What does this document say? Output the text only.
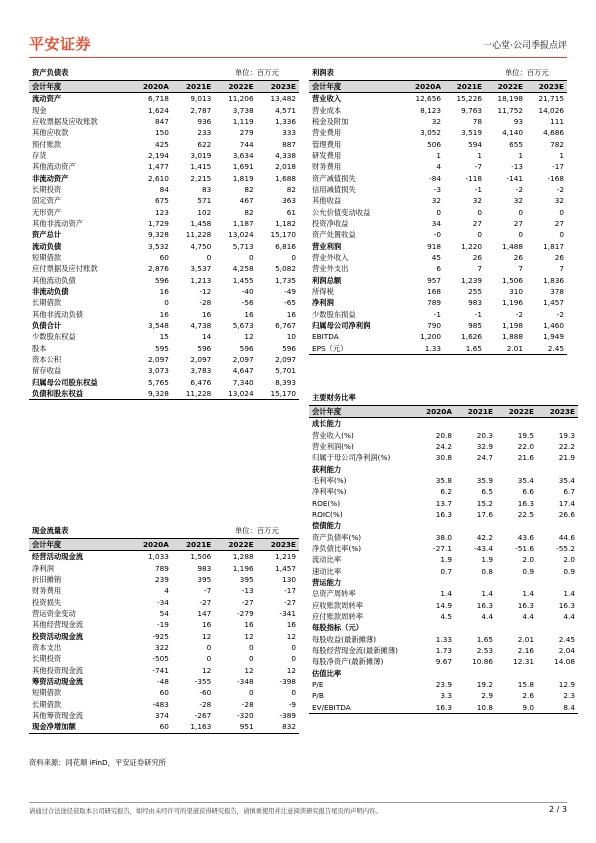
平安证券	一心堂·公司季报点评
资产负债表	单位：百万元
会计年度	2020A	2021E	2022E	2023E
流动资产	6,718	9,013	11,206	13,482
现金	1,624	2,787	3,738	4,571
应收票据及应收账款	847	936	1,119	1,336
其他应收款	150	233	279	333
预付账款	425	622	744	887
存货	2,194	3,019	3,634	4,338
其他流动资产	1,477	1,415	1,691	2,018
非流动资产	2,610	2,215	1,819	1,688
长期投资	84	83	82	82
固定资产	675	571	467	363
无形资产	123	102	82	61
其他非流动资产	1,729	1,458	1,187	1,182
资产总计	9,328	11,228	13,024	15,170
流动负债	3,532	4,750	5,713	6,816
短期借款	60	0	0	0
应付票据及应付账款	2,876	3,537	4,258	5,082
其他流动负债	596	1,213	1,455	1,735
非流动负债	16	-12	-40	-49
长期借款	0	-28	-56	-65
其他非流动负债	16	16	16	16
负债合计	3,548	4,738	5,673	6,767
少数股东权益	15	14	12	10
股本	595	596	596	596
资本公积	2,097	2,097	2,097	2,097
留存收益	3,073	3,783	4,647	5,701
归属母公司股东权益	5,765	6,476	7,340	8,393
负债和股东权益	9,328	11,228	13,024	15,170
现金流量表	单位：百万元
会计年度	2020A	2021E	2022E	2023E
经营活动现金流	1,033	1,506	1,288	1,219
净利润	789	983	1,196	1,457
折旧摊销	239	395	395	130
财务费用	4	-7	-13	-17
投资损失	-34	-27	-27	-27
营运资金变动	54	147	-279	-341
其他经营现金流	-19	16	16	16
投资活动现金流	-925	12	12	12
资本支出	322	0	0	0
长期投资	-505	0	0	0
其他投资现金流	-741	12	12	12
筹资活动现金流	-48	-355	-348	-398
短期借款	60	-60	0	0
长期借款	-483	-28	-28	-9
其他筹资现金流	374	-267	-320	-389
现金净增加额	60	1,163	951	832
利润表	单位：百万元
会计年度	2020A	2021E	2022E	2023E
营业收入	12,656	15,226	18,198	21,715
营业成本	8,123	9,763	11,752	14,026
税金及附加	32	78	93	111
营业费用	3,052	3,519	4,140	4,686
管理费用	506	594	655	782
研发费用	1	1	1	1
财务费用	4	-7	-13	-17
资产减值损失	-84	-118	-141	-168
信用减值损失	-3	-1	-2	-2
其他收益	32	32	32	32
公允价值变动收益	0	0	0	0
投资净收益	34	27	27	27
资产处置收益	-0	0	0	0
营业利润	918	1,220	1,488	1,817
营业外收入	45	26	26	26
营业外支出	6	7	7	7
利润总额	957	1,239	1,506	1,836
所得税	168	255	310	378
净利润	789	983	1,196	1,457
少数股东损益	-1	-1	-2	-2
归属母公司净利润	790	985	1,198	1,460
EBITDA	1,200	1,626	1,888	1,949
EPS（元）	1.33	1.65	2.01	2.45
主要财务比率
会计年度	2020A	2021E	2022E	2023E
成长能力				
营业收入(%)	20.8	20.3	19.5	19.3
营业利润(%)	24.2	32.9	22.0	22.2
归属于母公司净利润(%)	30.8	24.7	21.6	21.9
获利能力				
毛利率(%)	35.8	35.9	35.4	35.4
净利率(%)	6.2	6.5	6.6	6.7
ROE(%)	13.7	15.2	16.3	17.4
ROIC(%)	16.3	17.6	22.5	26.6
偿债能力				
资产负债率(%)	38.0	42.2	43.6	44.6
净负债比率(%)	-27.1	-43.4	-51.6	-55.2
流动比率	1.9	1.9	2.0	2.0
速动比率	0.7	0.8	0.9	0.9
营运能力				
总资产周转率	1.4	1.4	1.4	1.4
应收账款周转率	14.9	16.3	16.3	16.3
应付账款周转率	4.5	4.4	4.4	4.4
每股指标（元）				
每股收益(最新摊薄)	1.33	1.65	2.01	2.45
每股经营现金流(最新摊薄)	1.73	2.53	2.16	2.04
每股净资产(最新摊薄)	9.67	10.86	12.31	14.08
估值比率				
P/E	23.9	19.2	15.8	12.9
P/B	3.3	2.9	2.6	2.3
EV/EBITDA	16.3	10.8	9.0	8.4
资料来源：同花顺 iFinD，平安证券研究所
请通过合法途径获取本公司研究报告，如经由未经许可的渠道获得研究报告，请慎重使用并注意阅读研究报告尾页的声明内容。	2 / 3
